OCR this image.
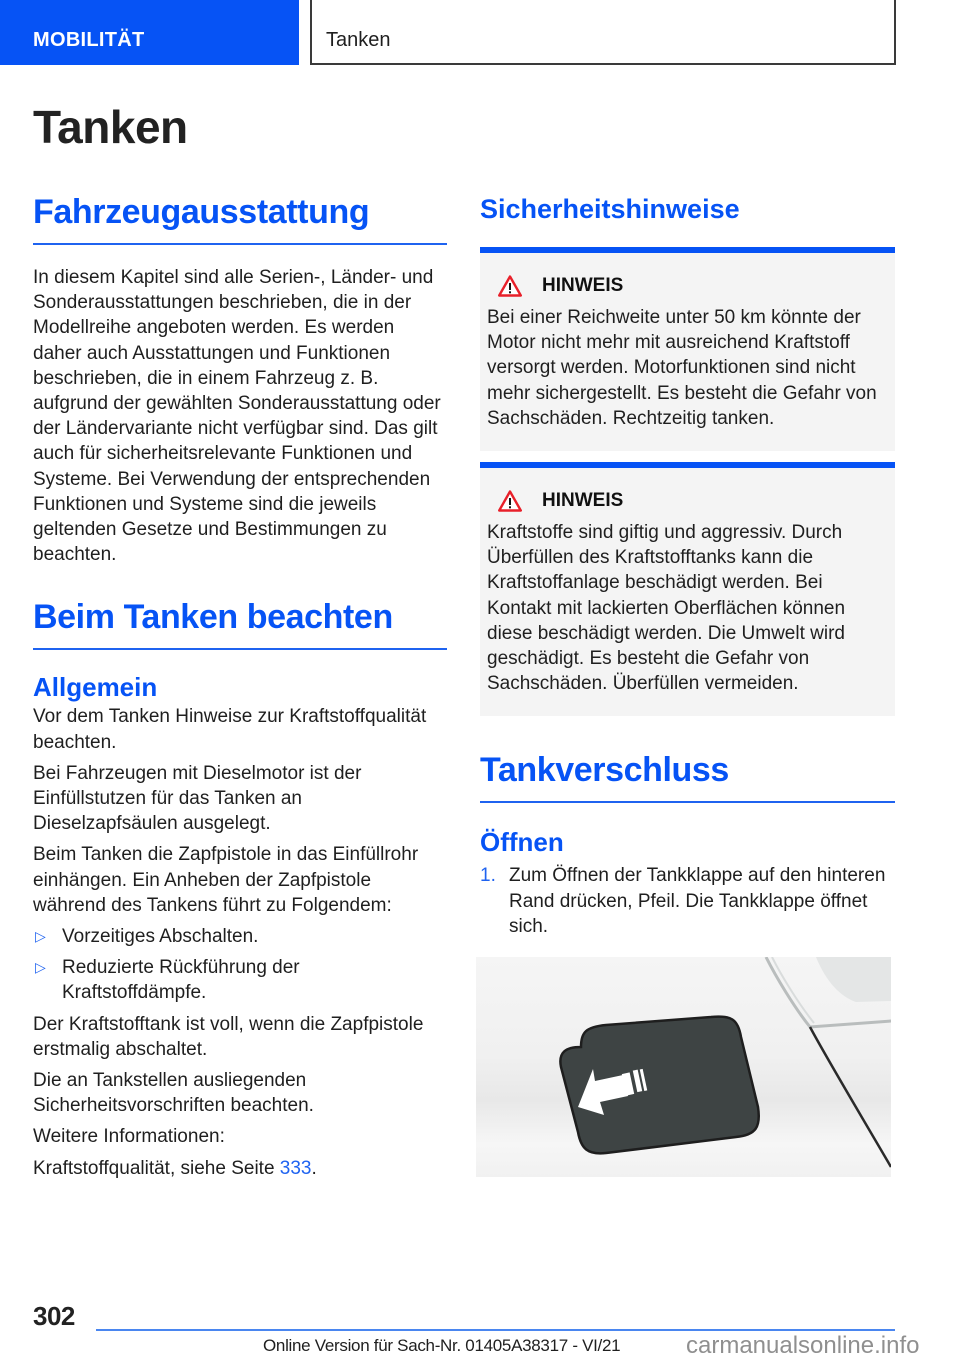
MOBILITÄT	Tanken
Tanken
Fahrzeugausstattung

In diesem Kapitel sind alle Serien-, Länder- und Sonderausstattungen beschrieben, die in der Modellreihe angeboten werden. Es werden daher auch Ausstattungen und Funktionen beschrieben, die in einem Fahrzeug z. B. aufgrund der gewählten Sonderausstattung oder der Ländervariante nicht verfügbar sind. Das gilt auch für sicherheitsrelevante Funktionen und Systeme. Bei Verwendung der entsprechenden Funktionen und Systeme sind die jeweils geltenden Gesetze und Bestimmungen zu beachten.

Beim Tanken beachten
Allgemein

Vor dem Tanken Hinweise zur Kraftstoffqualität beachten.

Bei Fahrzeugen mit Dieselmotor ist der Einfüllstutzen für das Tanken an Dieselzapfsäulen ausgelegt.

Beim Tanken die Zapfpistole in das Einfüllrohr einhängen. Ein Anheben der Zapfpistole während des Tankens führt zu Folgendem:

▷ Vorzeitiges Abschalten.
▷ Reduzierte Rückführung der Kraftstoffdämpfe.

Der Kraftstofftank ist voll, wenn die Zapfpistole erstmalig abschaltet.

Die an Tankstellen ausliegenden Sicherheitsvorschriften beachten.

Weitere Informationen:

Kraftstoffqualität, siehe Seite 333.

Sicherheitshinweise
HINWEIS

Bei einer Reichweite unter 50 km könnte der Motor nicht mehr mit ausreichend Kraftstoff versorgt werden. Motorfunktionen sind nicht mehr sichergestellt. Es besteht die Gefahr von Sachschäden. Rechtzeitig tanken.

HINWEIS

Kraftstoffe sind giftig und aggressiv. Durch Überfüllen des Kraftstofftanks kann die Kraftstoffanlage beschädigt werden. Bei Kontakt mit lackierten Oberflächen können diese beschädigt werden. Die Umwelt wird geschädigt. Es besteht die Gefahr von Sachschäden. Überfüllen vermeiden.

Tankverschluss
Öffnen
1. Zum Öffnen der Tankklappe auf den hinteren Rand drücken, Pfeil. Die Tankklappe öffnet sich.
302
Online Version für Sach-Nr. 01405A38317 - VI/21	carmanualsonline.info
